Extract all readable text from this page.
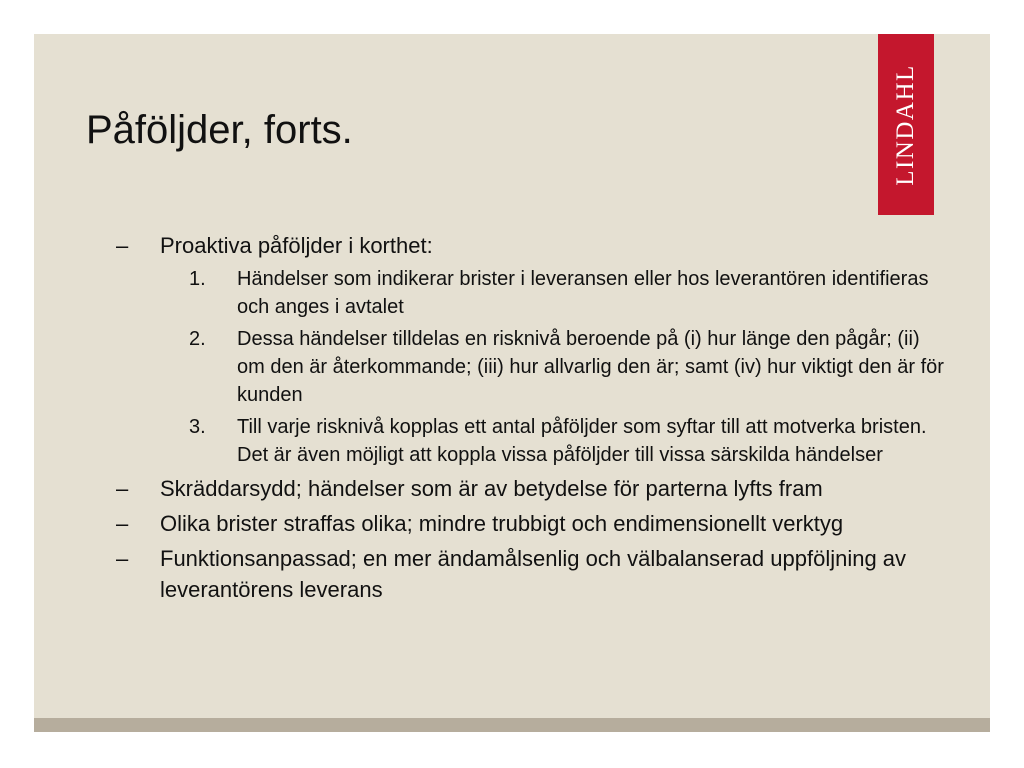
LINDAHL
Påföljder, forts.
– Proaktiva påföljder i korthet:
1. Händelser som indikerar brister i leveransen eller hos leverantören identifieras och anges i avtalet
2. Dessa händelser tilldelas en risknivå beroende på (i) hur länge den pågår; (ii) om den är återkommande; (iii) hur allvarlig den är; samt (iv) hur viktigt den är för kunden
3. Till varje risknivå kopplas ett antal påföljder som syftar till att motverka bristen. Det är även möjligt att koppla vissa påföljder till vissa särskilda händelser
– Skräddarsydd; händelser som är av betydelse för parterna lyfts fram
– Olika brister straffas olika; mindre trubbigt och endimensionellt verktyg
– Funktionsanpassad; en mer ändamålsenlig och välbalanserad uppföljning av leverantörens leverans
